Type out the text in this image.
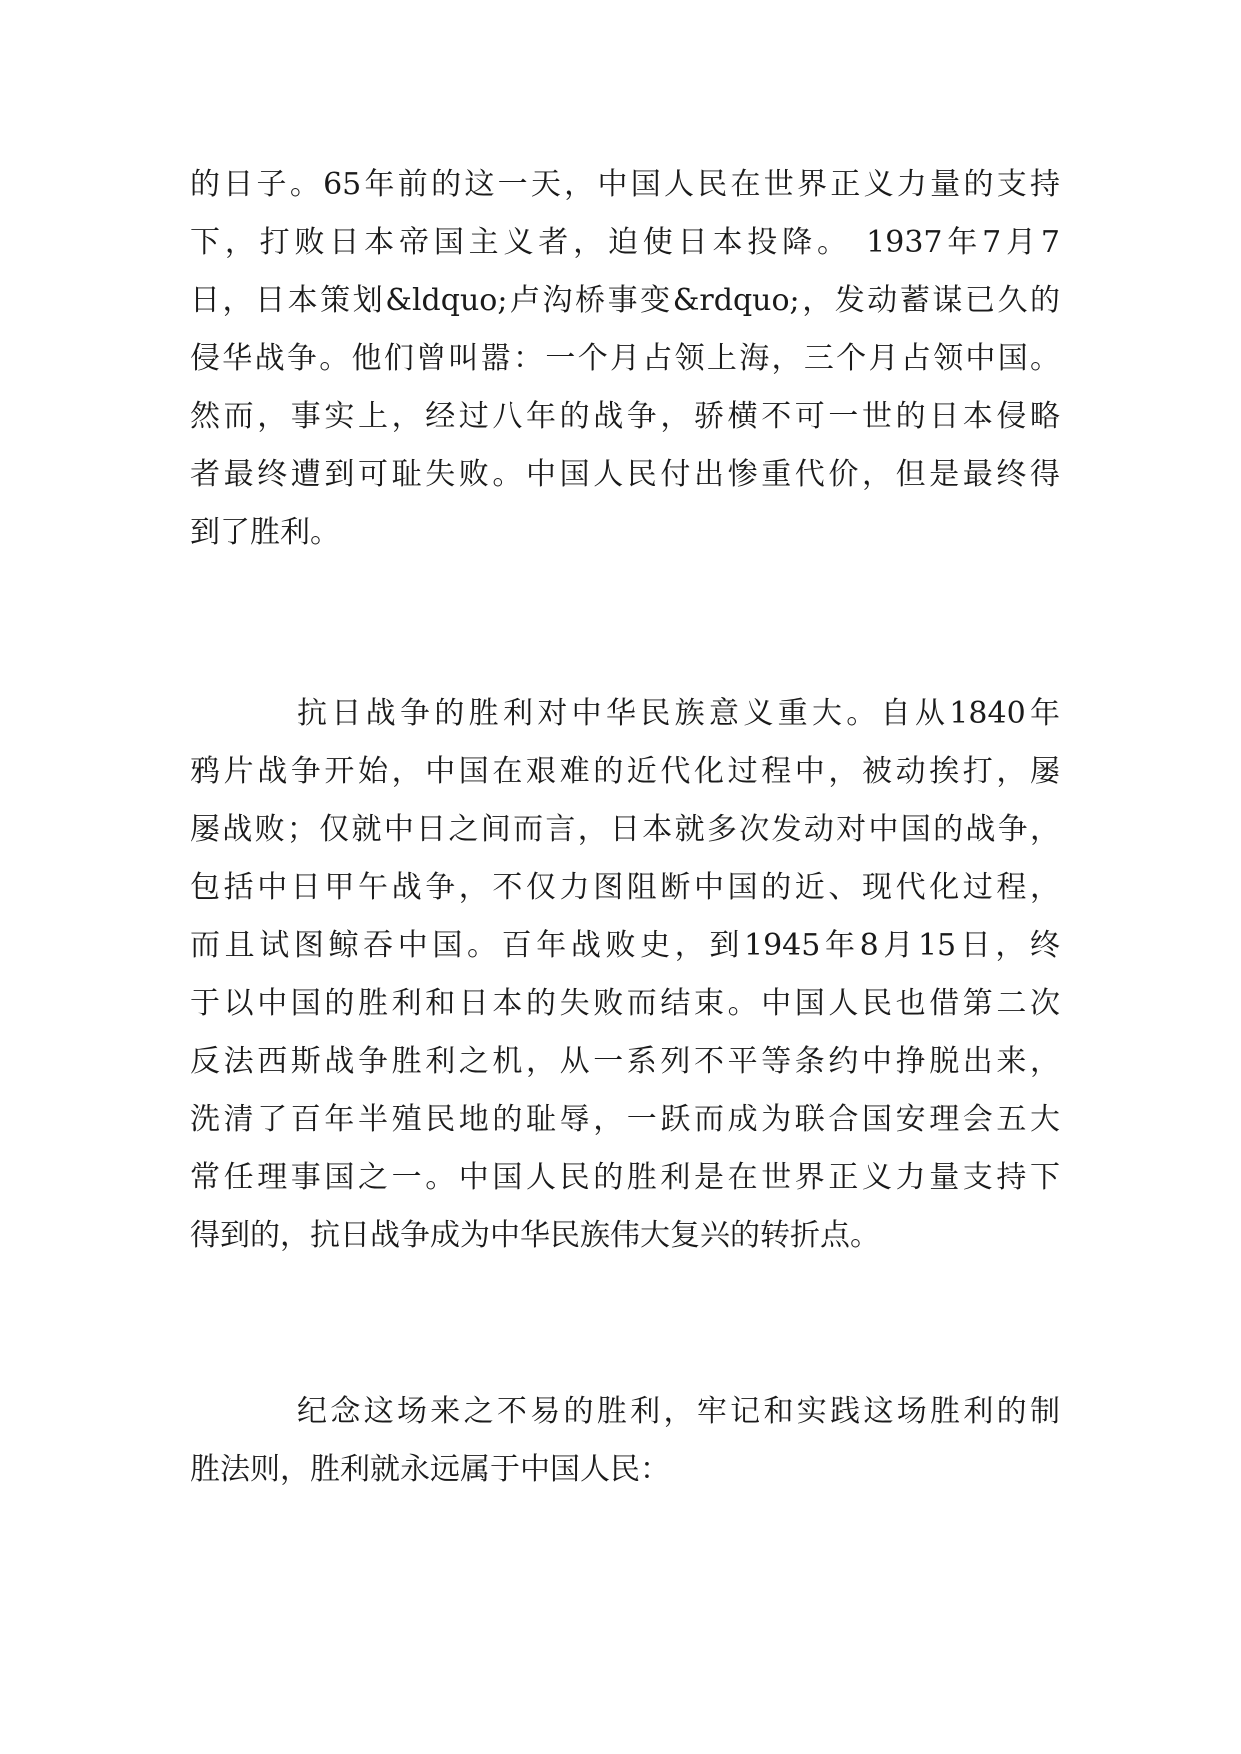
的日子。65年前的这一天，中国人民在世界正义力量的支持
下，打败日本帝国主义者，迫使日本投降。 1937年7月7
日，日本策划&ldquo;卢沟桥事变&rdquo;，发动蓄谋已久的
侵华战争。他们曾叫嚣：一个月占领上海，三个月占领中国。
然而，事实上，经过八年的战争，骄横不可一世的日本侵略
者最终遭到可耻失败。中国人民付出惨重代价，但是最终得
到了胜利。
抗日战争的胜利对中华民族意义重大。自从1840年
鸦片战争开始，中国在艰难的近代化过程中，被动挨打，屡
屡战败；仅就中日之间而言，日本就多次发动对中国的战争，
包括中日甲午战争，不仅力图阻断中国的近、现代化过程，
而且试图鲸吞中国。百年战败史，到1945年8月15日，终
于以中国的胜利和日本的失败而结束。中国人民也借第二次
反法西斯战争胜利之机，从一系列不平等条约中挣脱出来，
洗清了百年半殖民地的耻辱，一跃而成为联合国安理会五大
常任理事国之一。中国人民的胜利是在世界正义力量支持下
得到的，抗日战争成为中华民族伟大复兴的转折点。
纪念这场来之不易的胜利，牢记和实践这场胜利的制
胜法则，胜利就永远属于中国人民：
